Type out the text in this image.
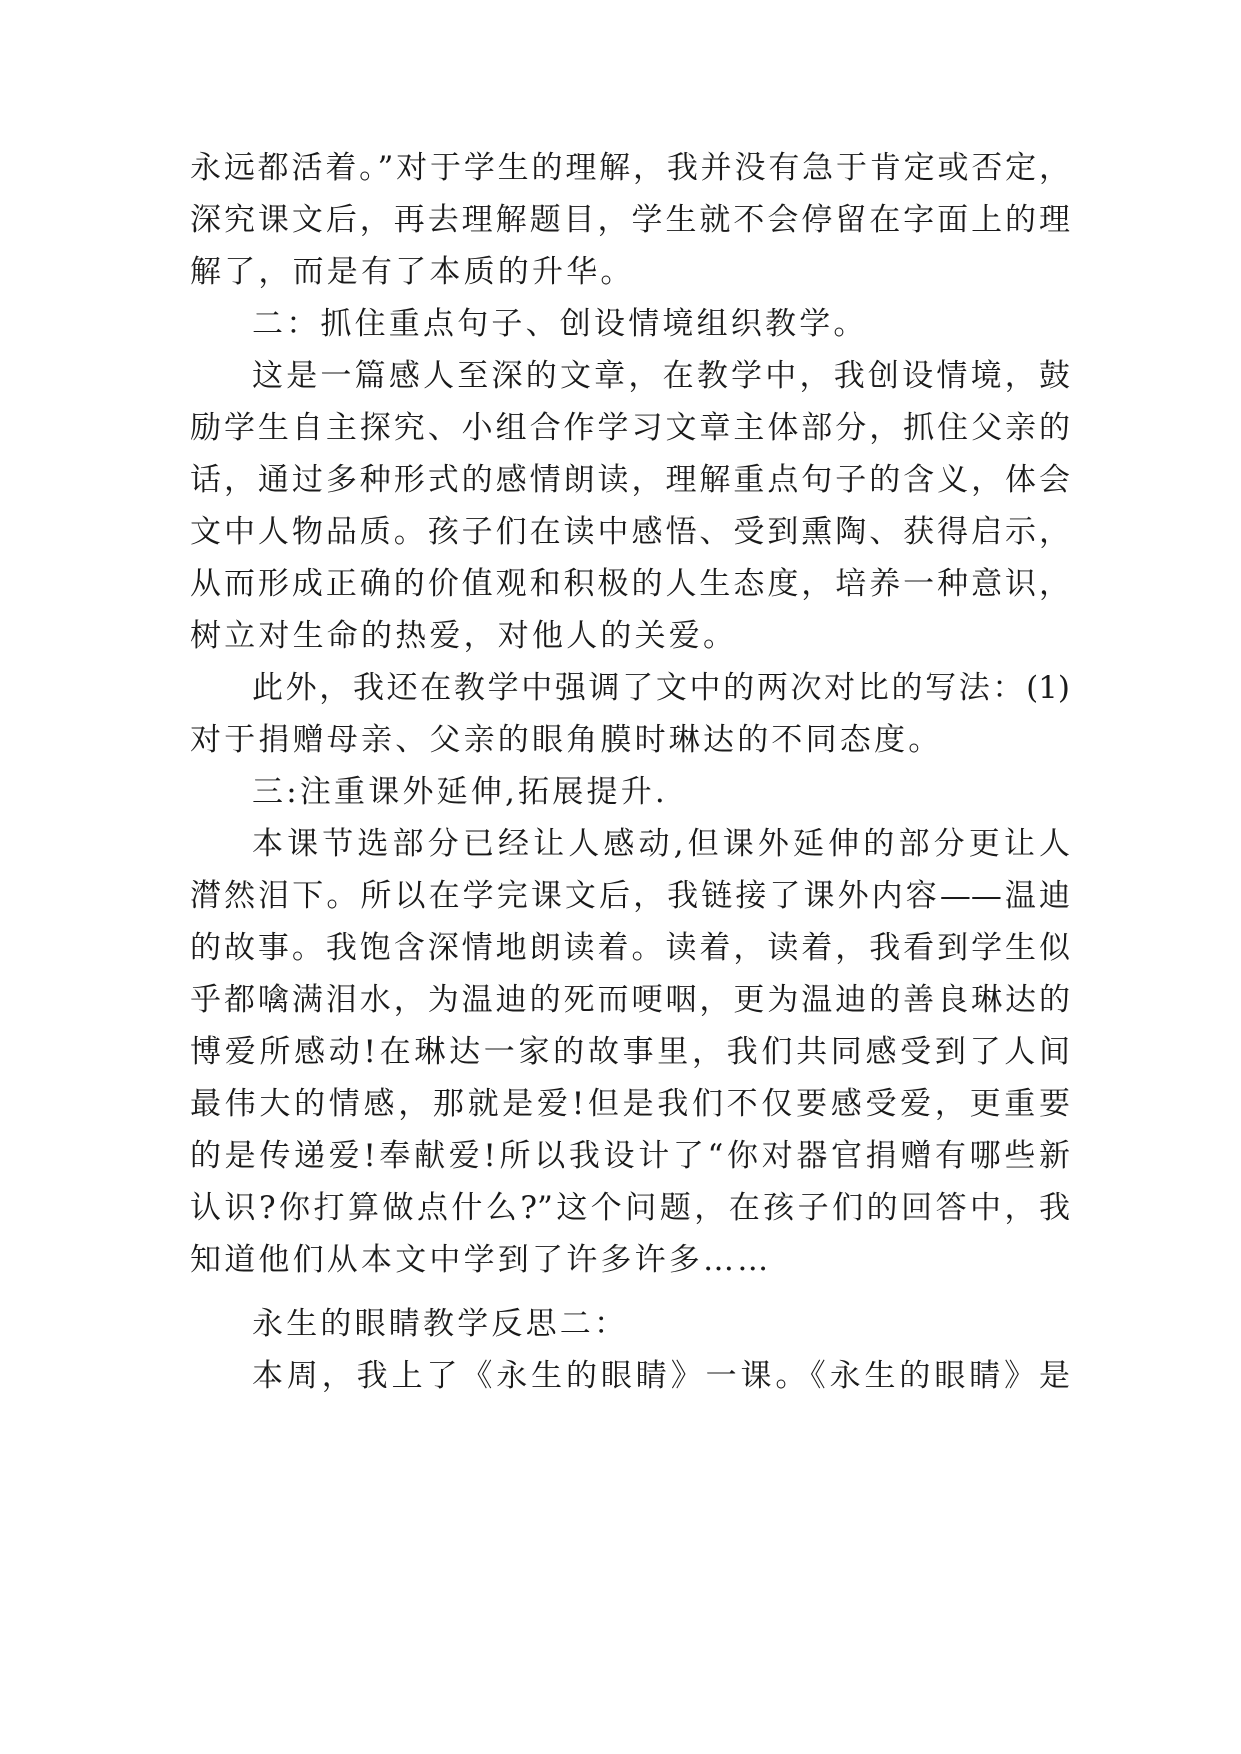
永远都活着。”对于学生的理解，我并没有急于肯定或否定，
深究课文后，再去理解题目，学生就不会停留在字面上的理
解了，而是有了本质的升华。
二：抓住重点句子、创设情境组织教学。
这是一篇感人至深的文章，在教学中，我创设情境，鼓
励学生自主探究、小组合作学习文章主体部分，抓住父亲的
话，通过多种形式的感情朗读，理解重点句子的含义，体会
文中人物品质。孩子们在读中感悟、受到熏陶、获得启示，
从而形成正确的价值观和积极的人生态度，培养一种意识，
树立对生命的热爱，对他人的关爱。
此外，我还在教学中强调了文中的两次对比的写法：(1)
对于捐赠母亲、父亲的眼角膜时琳达的不同态度。
三:注重课外延伸,拓展提升.
本课节选部分已经让人感动,但课外延伸的部分更让人
潸然泪下。所以在学完课文后，我链接了课外内容——温迪
的故事。我饱含深情地朗读着。读着，读着，我看到学生似
乎都噙满泪水，为温迪的死而哽咽，更为温迪的善良琳达的
博爱所感动!在琳达一家的故事里，我们共同感受到了人间
最伟大的情感，那就是爱!但是我们不仅要感受爱，更重要
的是传递爱!奉献爱!所以我设计了“你对器官捐赠有哪些新
认识?你打算做点什么?”这个问题，在孩子们的回答中，我
知道他们从本文中学到了许多许多……
永生的眼睛教学反思二：
本周，我上了《永生的眼睛》一课。《永生的眼睛》是
